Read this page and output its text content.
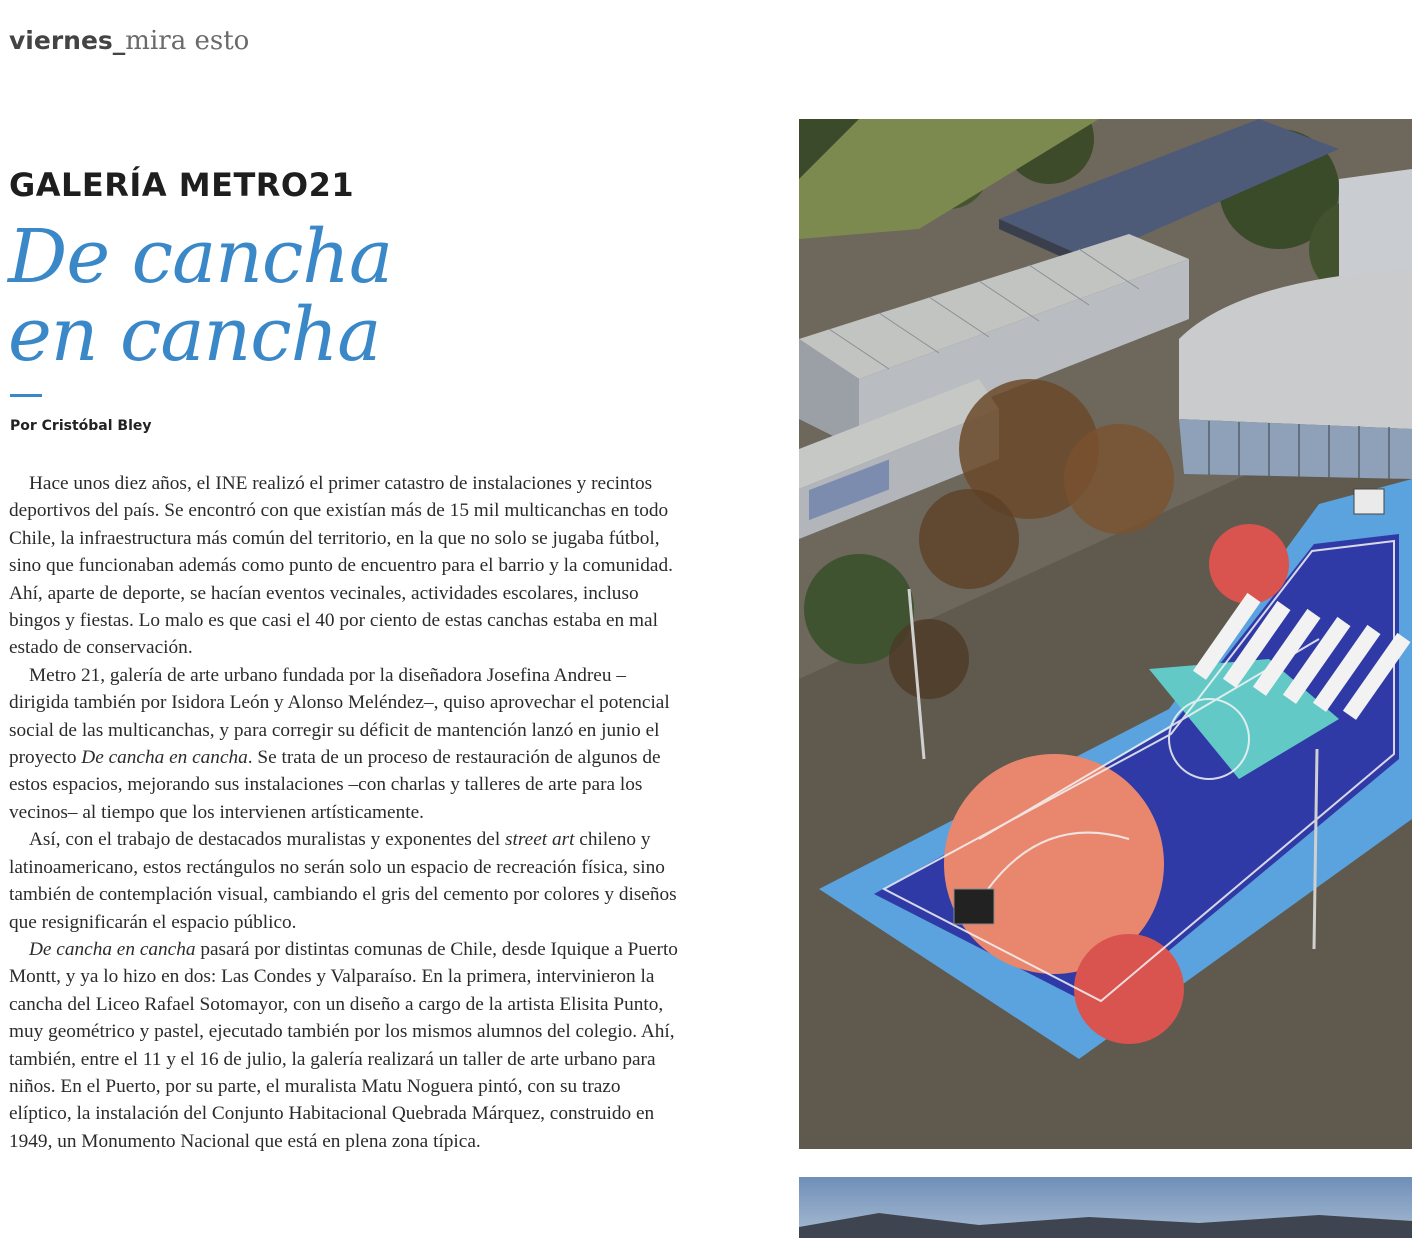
viernes_mira esto
GALERÍA METRO21
De cancha
en cancha
Por Cristóbal Bley

Hace unos diez años, el INE realizó el primer catastro de instalaciones y recintos deportivos del país. Se encontró con que existían más de 15 mil multicanchas en todo Chile, la infraestructura más común del territorio, en la que no solo se jugaba fútbol, sino que funcionaban además como punto de encuentro para el barrio y la comunidad. Ahí, aparte de deporte, se hacían eventos vecinales, actividades escolares, incluso bingos y fiestas. Lo malo es que casi el 40 por ciento de estas canchas estaba en mal estado de conservación.

Metro 21, galería de arte urbano fundada por la diseñadora Josefina Andreu –dirigida también por Isidora León y Alonso Meléndez–, quiso aprovechar el potencial social de las multicanchas, y para corregir su déficit de mantención lanzó en junio el proyecto De cancha en cancha. Se trata de un proceso de restauración de algunos de estos espacios, mejorando sus instalaciones –con charlas y talleres de arte para los vecinos– al tiempo que los intervienen artísticamente.

Así, con el trabajo de destacados muralistas y exponentes del street art chileno y latinoamericano, estos rectángulos no serán solo un espacio de recreación física, sino también de contemplación visual, cambiando el gris del cemento por colores y diseños que resignificarán el espacio público.

De cancha en cancha pasará por distintas comunas de Chile, desde Iquique a Puerto Montt, y ya lo hizo en dos: Las Condes y Valparaíso. En la primera, intervinieron la cancha del Liceo Rafael Sotomayor, con un diseño a cargo de la artista Elisita Punto, muy geométrico y pastel, ejecutado también por los mismos alumnos del colegio. Ahí, también, entre el 11 y el 16 de julio, la galería realizará un taller de arte urbano para niños. En el Puerto, por su parte, el muralista Matu Noguera pintó, con su trazo elíptico, la instalación del Conjunto Habitacional Quebrada Márquez, construido en 1949, un Monumento Nacional que está en plena zona típica.
